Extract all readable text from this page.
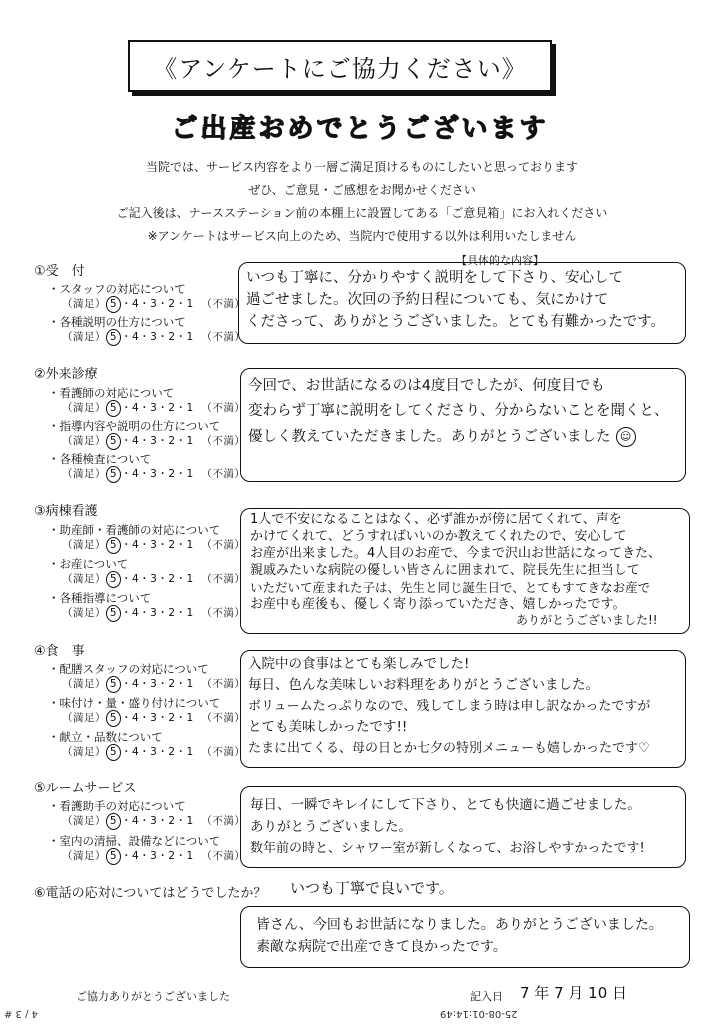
《アンケートにご協力ください》
ご出産おめでとうございます
当院では、サービス内容をより一層ご満足頂けるものにしたいと思っております
ぜひ、ご意見・ご感想をお聞かせください
ご記入後は、ナースステーション前の本棚上に設置してある「ご意見箱」にお入れください
※アンケートはサービス向上のため、当院内で使用する以外は利用いたしません
【具体的な内容】
①受　付
・スタッフの対応について
（満足） 5 ・4・3・2・1 （不満）
・各種説明の仕方について
（満足） 5 ・4・3・2・1 （不満）
いつも丁寧に、分かりやすく説明をして下さり、安心して
過ごせました。次回の予約日程についても、気にかけて
くださって、ありがとうございました。とても有難かったです。
②外来診療
・看護師の対応について
（満足） 5 ・4・3・2・1 （不満）
・指導内容や説明の仕方について
（満足） 5 ・4・3・2・1 （不満）
・各種検査について
（満足） 5 ・4・3・2・1 （不満）
今回で、お世話になるのは4度目でしたが、何度目でも
変わらず丁寧に説明をしてくださり、分からないことを聞くと、
優しく教えていただきました。ありがとうございました ☺
③病棟看護
・助産師・看護師の対応について
（満足） 5 ・4・3・2・1 （不満）
・お産について
（満足） 5 ・4・3・2・1 （不満）
・各種指導について
（満足） 5 ・4・3・2・1 （不満）
1人で不安になることはなく、必ず誰かが傍に居てくれて、声を
かけてくれて、どうすればいいのか教えてくれたので、安心して
お産が出来ました。4人目のお産で、今まで沢山お世話になってきた、
親戚みたいな病院の優しい皆さんに囲まれて、院長先生に担当して
いただいて産まれた子は、先生と同じ誕生日で、とてもすてきなお産で
お産中も産後も、優しく寄り添っていただき、嬉しかったです。
ありがとうございました!!
④食　事
・配膳スタッフの対応について
（満足） 5 ・4・3・2・1 （不満）
・味付け・量・盛り付けについて
（満足） 5 ・4・3・2・1 （不満）
・献立・品数について
（満足） 5 ・4・3・2・1 （不満）
入院中の食事はとても楽しみでした!
毎日、色んな美味しいお料理をありがとうございました。
ボリュームたっぷりなので、残してしまう時は申し訳なかったですが
とても美味しかったです!!
たまに出てくる、母の日とか七夕の特別メニューも嬉しかったです♡
⑤ルームサービス
・看護助手の対応について
（満足） 5 ・4・3・2・1 （不満）
・室内の清掃、設備などについて
（満足） 5 ・4・3・2・1 （不満）
毎日、一瞬でキレイにして下さり、とても快適に過ごせました。
ありがとうございました。
数年前の時と、シャワー室が新しくなって、お浴しやすかったです!
⑥電話の応対についてはどうでしたか？ いつも丁寧で良いです。
皆さん、今回もお世話になりました。ありがとうございました。
素敵な病院で出産できて良かったです。
ご協力ありがとうございました	記入日 7 年 7 月 10 日
4 / 3 #	25-08-01:14:49
